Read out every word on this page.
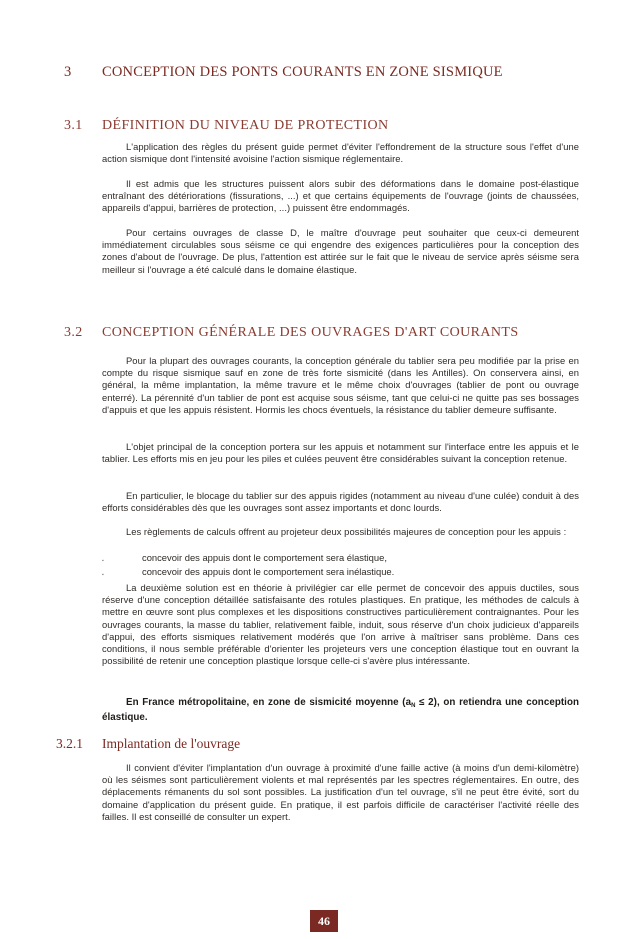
3 CONCEPTION DES PONTS COURANTS EN ZONE SISMIQUE
3.1 DÉFINITION DU NIVEAU DE PROTECTION

L'application des règles du présent guide permet d'éviter l'effondrement de la structure sous l'effet d'une action sismique dont l'intensité avoisine l'action sismique réglementaire.

Il est admis que les structures puissent alors subir des déformations dans le domaine post-élastique entraînant des détériorations (fissurations, ...) et que certains équipements de l'ouvrage (joints de chaussées, appareils d'appui, barrières de protection, ...) puissent être endommagés.

Pour certains ouvrages de classe D, le maître d'ouvrage peut souhaiter que ceux-ci demeurent immédiatement circulables sous séisme ce qui engendre des exigences particulières pour la conception des zones d'about de l'ouvrage. De plus, l'attention est attirée sur le fait que le niveau de service après séisme sera meilleur si l'ouvrage a été calculé dans le domaine élastique.

3.2 CONCEPTION GÉNÉRALE DES OUVRAGES D'ART COURANTS

Pour la plupart des ouvrages courants, la conception générale du tablier sera peu modifiée par la prise en compte du risque sismique sauf en zone de très forte sismicité (dans les Antilles). On conservera ainsi, en général, la même implantation, la même travure et le même choix d'ouvrages (tablier de pont ou ouvrage enterré). La pérennité d'un tablier de pont est acquise sous séisme, tant que celui-ci ne quitte pas ses bossages d'appuis et que les appuis résistent. Hormis les chocs éventuels, la résistance du tablier demeure suffisante.

L'objet principal de la conception portera sur les appuis et notamment sur l'interface entre les appuis et le tablier. Les efforts mis en jeu pour les piles et culées peuvent être considérables suivant la conception retenue.

En particulier, le blocage du tablier sur des appuis rigides (notamment au niveau d'une culée) conduit à des efforts considérables dès que les ouvrages sont assez importants et donc lourds.

Les règlements de calculs offrent au projeteur deux possibilités majeures de conception pour les appuis :

▪	concevoir des appuis dont le comportement sera élastique,
▪	concevoir des appuis dont le comportement sera inélastique.

La deuxième solution est en théorie à privilégier car elle permet de concevoir des appuis ductiles, sous réserve d'une conception détaillée satisfaisante des rotules plastiques. En pratique, les méthodes de calculs à mettre en œuvre sont plus complexes et les dispositions constructives particulièrement contraignantes. Pour les ouvrages courants, la masse du tablier, relativement faible, induit, sous réserve d'un choix judicieux d'appareils d'appui, des efforts sismiques relativement modérés que l'on arrive à maîtriser sans problème. Dans ces conditions, il nous semble préférable d'orienter les projeteurs vers une conception élastique tout en ouvrant la possibilité de retenir une conception plastique lorsque celle-ci s'avère plus intéressante.

En France métropolitaine, en zone de sismicité moyenne $(a_N \le 2)$, on retiendra une conception élastique.

3.2.1 Implantation de l'ouvrage

Il convient d'éviter l'implantation d'un ouvrage à proximité d'une faille active (à moins d'un demi-kilomètre) où les séismes sont particulièrement violents et mal représentés par les spectres réglementaires. En outre, des déplacements rémanents du sol sont possibles. La justification d'un tel ouvrage, s'il ne peut être évité, sort du domaine d'application du présent guide. En pratique, il est parfois difficile de caractériser l'activité réelle des failles. Il est conseillé de consulter un expert.

46
